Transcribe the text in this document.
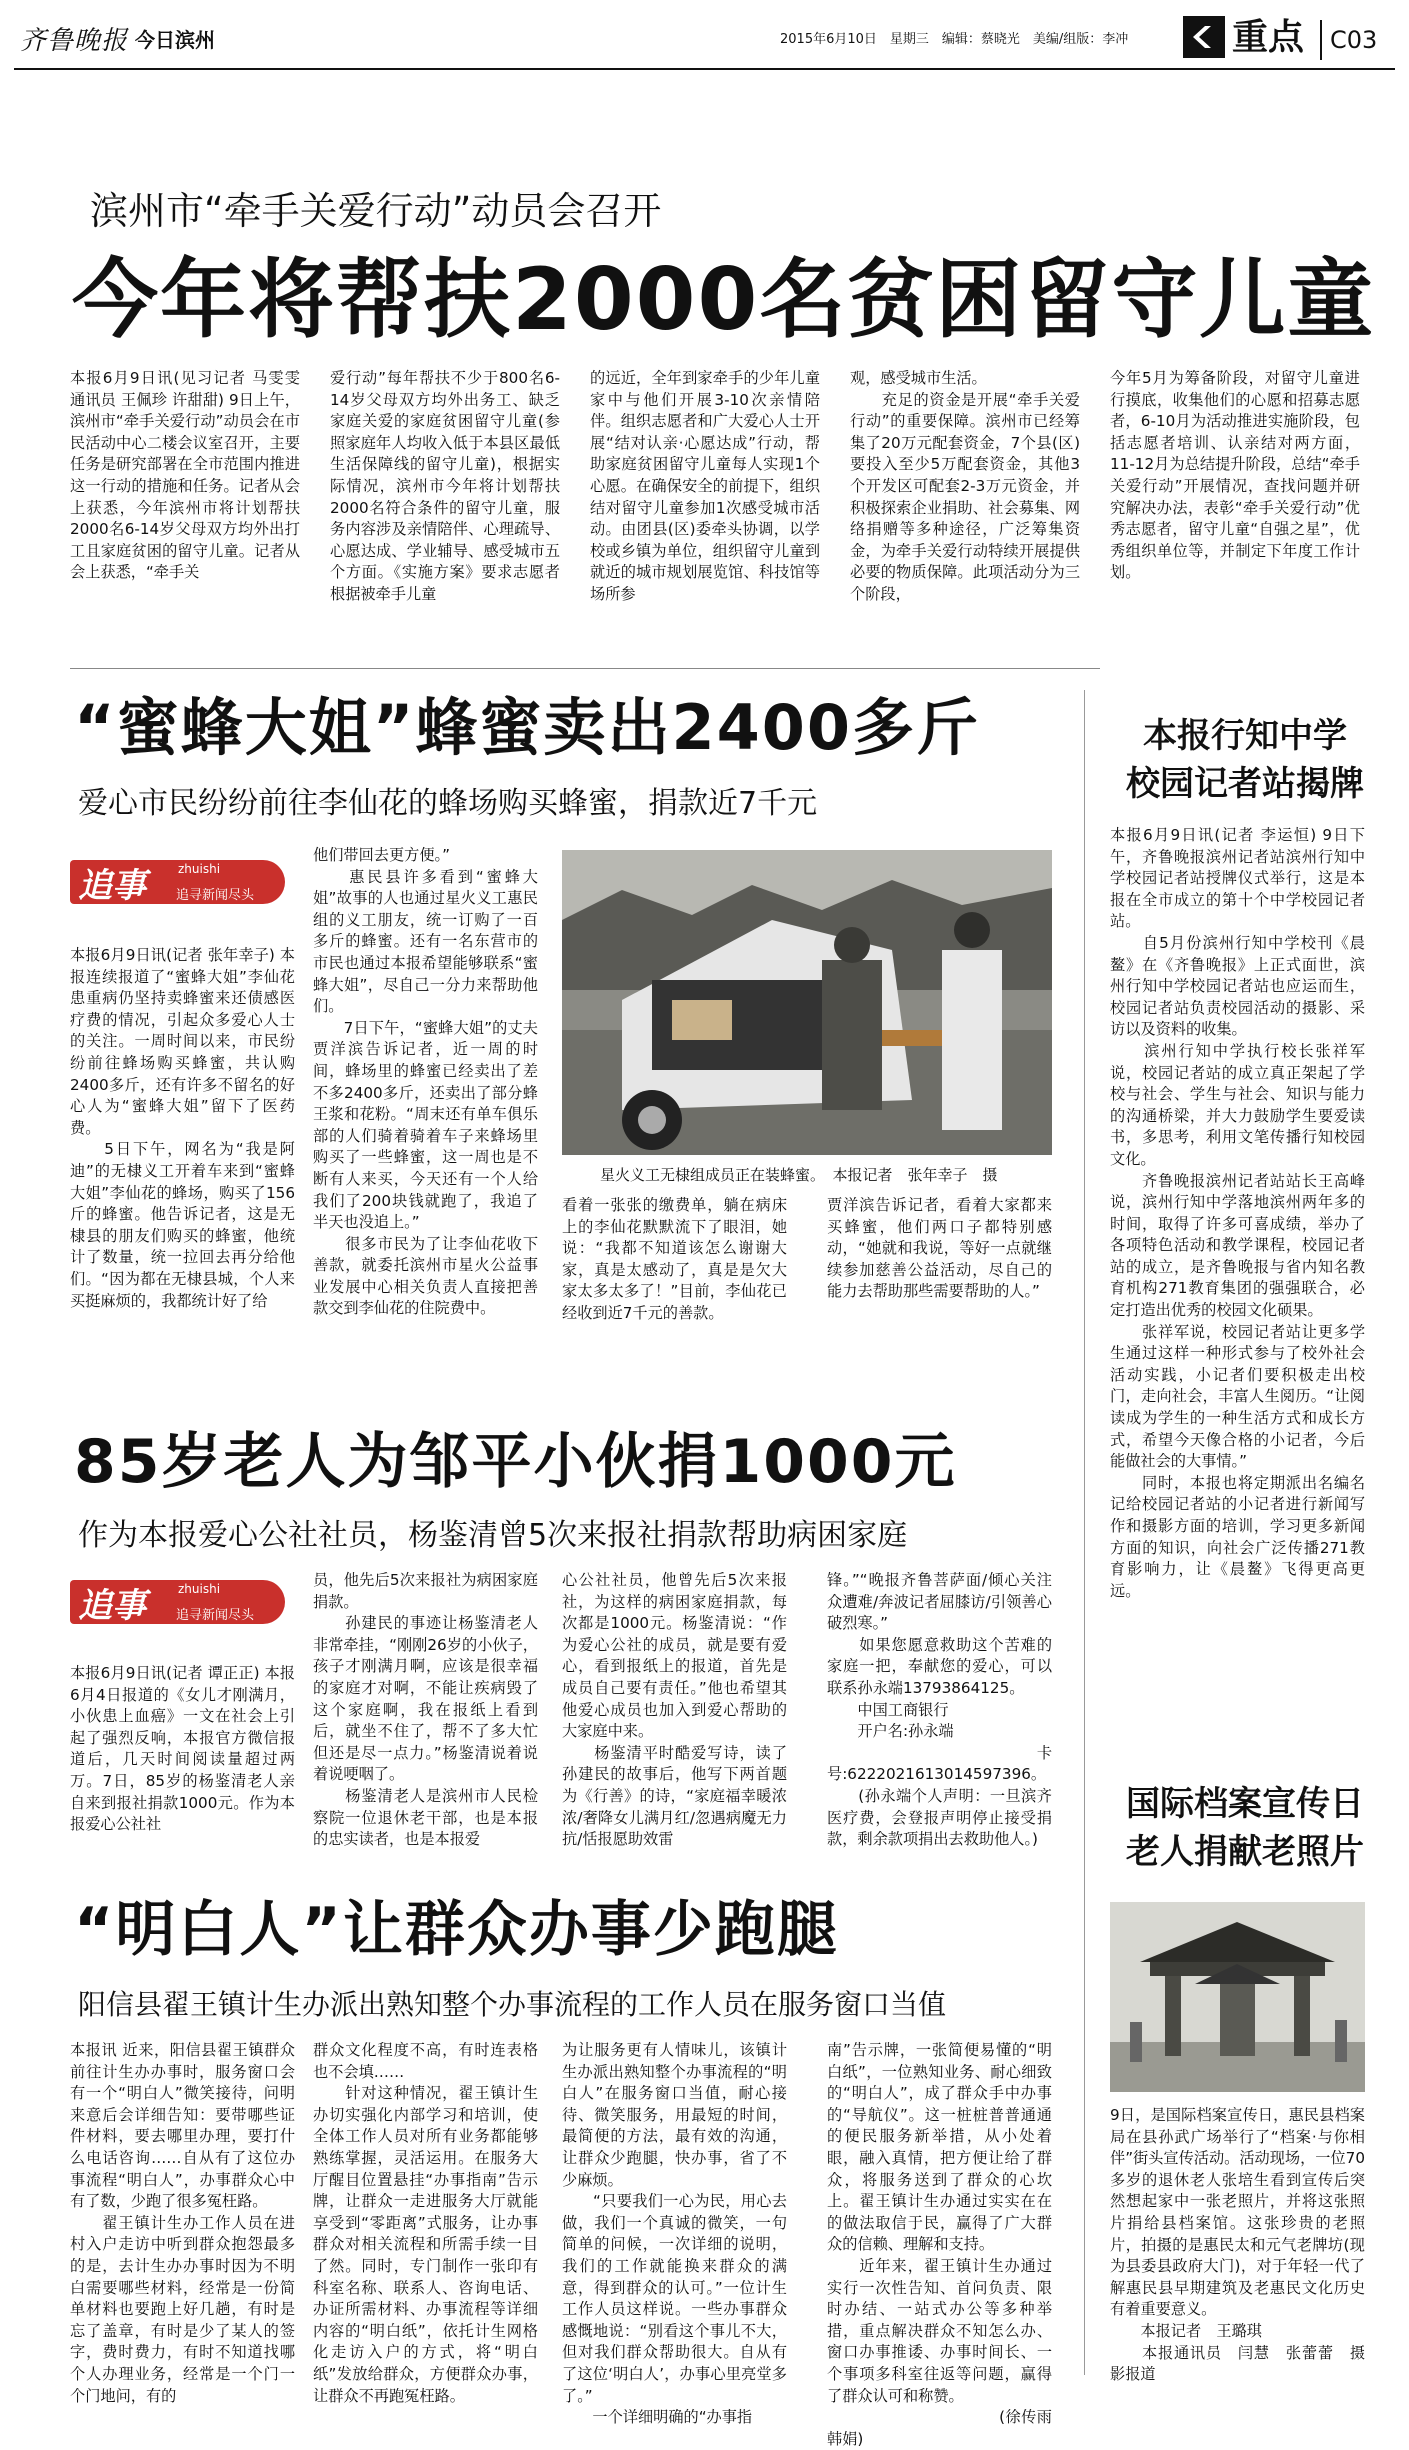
齐鲁晚报 今日滨州	2015年6月10日　星期三　编辑：蔡晓光　美编/组版：李冲	重点 C03
滨州市“牵手关爱行动”动员会召开
今年将帮扶2000名贫困留守儿童

本报6月9日讯(见习记者 马雯雯 通讯员 王佩珍 许甜甜) 9日上午，滨州市“牵手关爱行动”动员会在市民活动中心二楼会议室召开，主要任务是研究部署在全市范围内推进这一行动的措施和任务。记者从会上获悉，今年滨州市将计划帮扶2000名6-14岁父母双方均外出打工且家庭贫困的留守儿童。记者从会上获悉，“牵手关

爱行动”每年帮扶不少于800名6-14岁父母双方均外出务工、缺乏家庭关爱的家庭贫困留守儿童(参照家庭年人均收入低于本县区最低生活保障线的留守儿童)，根据实际情况，滨州市今年将计划帮扶2000名符合条件的留守儿童，服务内容涉及亲情陪伴、心理疏导、心愿达成、学业辅导、感受城市五个方面。《实施方案》要求志愿者根据被牵手儿童

的远近，全年到家牵手的少年儿童家中与他们开展3-10次亲情陪伴。组织志愿者和广大爱心人士开展“结对认亲·心愿达成”行动，帮助家庭贫困留守儿童每人实现1个心愿。在确保安全的前提下，组织结对留守儿童参加1次感受城市活动。由团县(区)委牵头协调，以学校或乡镇为单位，组织留守儿童到就近的城市规划展览馆、科技馆等场所参

观，感受城市生活。
　　充足的资金是开展“牵手关爱行动”的重要保障。滨州市已经筹集了20万元配套资金，7个县(区)要投入至少5万配套资金，其他3个开发区可配套2-3万元资金，并积极探索企业捐助、社会募集、网络捐赠等多种途径，广泛筹集资金，为牵手关爱行动特续开展提供必要的物质保障。此项活动分为三个阶段，

今年5月为筹备阶段，对留守儿童进行摸底，收集他们的心愿和招募志愿者，6-10月为活动推进实施阶段，包括志愿者培训、认亲结对两方面，11-12月为总结提升阶段，总结“牵手关爱行动”开展情况，查找问题并研究解决办法，表彰“牵手关爱行动”优秀志愿者，留守儿童“自强之星”，优秀组织单位等，并制定下年度工作计划。

“蜜蜂大姐”蜂蜜卖出2400多斤
爱心市民纷纷前往李仙花的蜂场购买蜂蜜，捐款近7千元
追事	zhuishi
追寻新闻尽头

本报6月9日讯(记者 张年幸子) 本报连续报道了“蜜蜂大姐”李仙花患重病仍坚持卖蜂蜜来还债感医疗费的情况，引起众多爱心人士的关注。一周时间以来，市民纷纷前往蜂场购买蜂蜜，共认购2400多斤，还有许多不留名的好心人为“蜜蜂大姐”留下了医药费。
　　5日下午，网名为“我是阿迪”的无棣义工开着车来到“蜜蜂大姐”李仙花的蜂场，购买了156斤的蜂蜜。他告诉记者，这是无棣县的朋友们购买的蜂蜜，他统计了数量，统一拉回去再分给他们。“因为都在无棣县城，个人来买挺麻烦的，我都统计好了给

他们带回去更方便。”
　　惠民县许多看到“蜜蜂大姐”故事的人也通过星火义工惠民组的义工朋友，统一订购了一百多斤的蜂蜜。还有一名东营市的市民也通过本报希望能够联系“蜜蜂大姐”，尽自己一分力来帮助他们。
　　7日下午，“蜜蜂大姐”的丈夫贾洋滨告诉记者，近一周的时间，蜂场里的蜂蜜已经卖出了差不多2400多斤，还卖出了部分蜂王浆和花粉。“周末还有单车俱乐部的人们骑着骑着车子来蜂场里购买了一些蜂蜜，这一周也是不断有人来买，今天还有一个人给我们了200块钱就跑了，我追了半天也没追上。”
　　很多市民为了让李仙花收下善款，就委托滨州市星火公益事业发展中心相关负责人直接把善款交到李仙花的住院费中。

星火义工无棣组成员正在装蜂蜜。　本报记者　张年幸子　摄

看着一张张的缴费单，躺在病床上的李仙花默默流下了眼泪，她说：“我都不知道该怎么谢谢大家，真是太感动了，真是是欠大家太多太多了！”目前，李仙花已经收到近7千元的善款。

贾洋滨告诉记者，看着大家都来买蜂蜜，他们两口子都特别感动，“她就和我说，等好一点就继续参加慈善公益活动，尽自己的能力去帮助那些需要帮助的人。”

85岁老人为邹平小伙捐1000元
作为本报爱心公社社员，杨鉴清曾5次来报社捐款帮助病困家庭
追事	zhuishi
追寻新闻尽头

本报6月9日讯(记者 谭正正) 本报6月4日报道的《女儿才刚满月，小伙患上血癌》一文在社会上引起了强烈反响，本报官方微信报道后，几天时间阅读量超过两万。7日，85岁的杨鉴清老人亲自来到报社捐款1000元。作为本报爱心公社社

员，他先后5次来报社为病困家庭捐款。
　　孙建民的事迹让杨鉴清老人非常牵挂，“刚刚26岁的小伙子，孩子才刚满月啊，应该是很幸福的家庭才对啊，不能让疾病毁了这个家庭啊，我在报纸上看到后，就坐不住了，帮不了多大忙但还是尽一点力。”杨鉴清说着说着说哽咽了。
　　杨鉴清老人是滨州市人民检察院一位退休老干部，也是本报的忠实读者，也是本报爱

心公社社员，他曾先后5次来报社，为这样的病困家庭捐款，每次都是1000元。杨鉴清说：“作为爱心公社的成员，就是要有爱心，看到报纸上的报道，首先是成员自己要有责任。”他也希望其他爱心成员也加入到爱心帮助的大家庭中来。
　　杨鉴清平时酷爱写诗，读了孙建民的故事后，他写下两首题为《行善》的诗，“家庭福幸暖浓浓/奢降女儿满月红/忽遇病魔无力抗/恬报愿助效雷

锋。”“晚报齐鲁菩萨面/倾心关注众遭难/奔波记者屈膝访/引领善心破烈寒。”
　　如果您愿意救助这个苦难的家庭一把，奉献您的爱心，可以联系孙永端13793864125。
　　中国工商银行
　　开户名:孙永端
　　卡号:6222021613014597396。
　　(孙永端个人声明：一旦滨齐医疗费，会登报声明停止接受捐款，剩余款项捐出去救助他人。)

“明白人”让群众办事少跑腿
阳信县翟王镇计生办派出熟知整个办事流程的工作人员在服务窗口当值

本报讯 近来，阳信县翟王镇群众前往计生办办事时，服务窗口会有一个“明白人”微笑接待，问明来意后会详细告知：要带哪些证件材料，要去哪里办理，要打什么电话咨询……自从有了这位办事流程“明白人”，办事群众心中有了数，少跑了很多冤枉路。
　　翟王镇计生办工作人员在进村入户走访中听到群众抱怨最多的是，去计生办办事时因为不明白需要哪些材料，经常是一份简单材料也要跑上好几趟，有时是忘了盖章，有时是少了某人的签字，费时费力，有时不知道找哪个人办理业务，经常是一个门一个门地问，有的

群众文化程度不高，有时连表格也不会填……
　　针对这种情况，翟王镇计生办切实强化内部学习和培训，使全体工作人员对所有业务都能够熟练掌握，灵活运用。在服务大厅醒目位置悬挂“办事指南”告示牌，让群众一走进服务大厅就能享受到“零距离”式服务，让办事群众对相关流程和所需手续一目了然。同时，专门制作一张印有科室名称、联系人、咨询电话、办证所需材料、办事流程等详细内容的“明白纸”，依托计生网格化走访入户的方式，将“明白纸”发放给群众，方便群众办事，让群众不再跑冤枉路。

为让服务更有人情味儿，该镇计生办派出熟知整个办事流程的“明白人”在服务窗口当值，耐心接待、微笑服务，用最短的时间，最简便的方法，最有效的沟通，让群众少跑腿，快办事，省了不少麻烦。
　　“只要我们一心为民，用心去做，我们一个真诚的微笑，一句简单的问候，一次详细的说明，我们的工作就能换来群众的满意，得到群众的认可。”一位计生工作人员这样说。一些办事群众感慨地说：“别看这个事儿不大，但对我们群众帮助很大。自从有了这位‘明白人’，办事心里亮堂多了。”
　　一个详细明确的“办事指

南”告示牌，一张简便易懂的“明白纸”，一位熟知业务、耐心细致的“明白人”，成了群众手中办事的“导航仪”。这一桩桩普普通通的便民服务新举措，从小处着眼，融入真情，把方便让给了群众，将服务送到了群众的心坎上。翟王镇计生办通过实实在在的做法取信于民，赢得了广大群众的信赖、理解和支持。
　　近年来，翟王镇计生办通过实行一次性告知、首问负责、限时办结、一站式办公等多种举措，重点解决群众不知怎么办、窗口办事推诿、办事时间长、一个事项多科室往返等问题，赢得了群众认可和称赞。
　　　　　　　　　　　(徐传雨　韩娟)

本报行知中学
校园记者站揭牌

本报6月9日讯(记者 李运恒) 9日下午，齐鲁晚报滨州记者站滨州行知中学校园记者站授牌仪式举行，这是本报在全市成立的第十个中学校园记者站。
　　自5月份滨州行知中学校刊《晨鳌》在《齐鲁晚报》上正式面世，滨州行知中学校园记者站也应运而生，校园记者站负责校园活动的摄影、采访以及资料的收集。
　　滨州行知中学执行校长张祥军说，校园记者站的成立真正架起了学校与社会、学生与社会、知识与能力的沟通桥梁，并大力鼓励学生要爱读书，多思考，利用文笔传播行知校园文化。
　　齐鲁晚报滨州记者站站长王高峰说，滨州行知中学落地滨州两年多的时间，取得了许多可喜成绩，举办了各项特色活动和教学课程，校园记者站的成立，是齐鲁晚报与省内知名教育机构271教育集团的强强联合，必定打造出优秀的校园文化硕果。
　　张祥军说，校园记者站让更多学生通过这样一种形式参与了校外社会活动实践，小记者们要积极走出校门，走向社会，丰富人生阅历。“让阅读成为学生的一种生活方式和成长方式，希望今天像合格的小记者，今后能做社会的大事情。”
　　同时，本报也将定期派出名编名记给校园记者站的小记者进行新闻写作和摄影方面的培训，学习更多新闻方面的知识，向社会广泛传播271教育影响力，让《晨鳌》飞得更高更远。

国际档案宣传日
老人捐献老照片

9日，是国际档案宣传日，惠民县档案局在县孙武广场举行了“档案·与你相伴”街头宣传活动。活动现场，一位70多岁的退休老人张培生看到宣传后突然想起家中一张老照片，并将这张照片捐给县档案馆。这张珍贵的老照片，拍摄的是惠民太和元气老牌坊(现为县委县政府大门)，对于年轻一代了解惠民县早期建筑及老惠民文化历史有着重要意义。
　　本报记者　王璐琪
　　本报通讯员　闫慧　张蕾蕾　摄影报道
